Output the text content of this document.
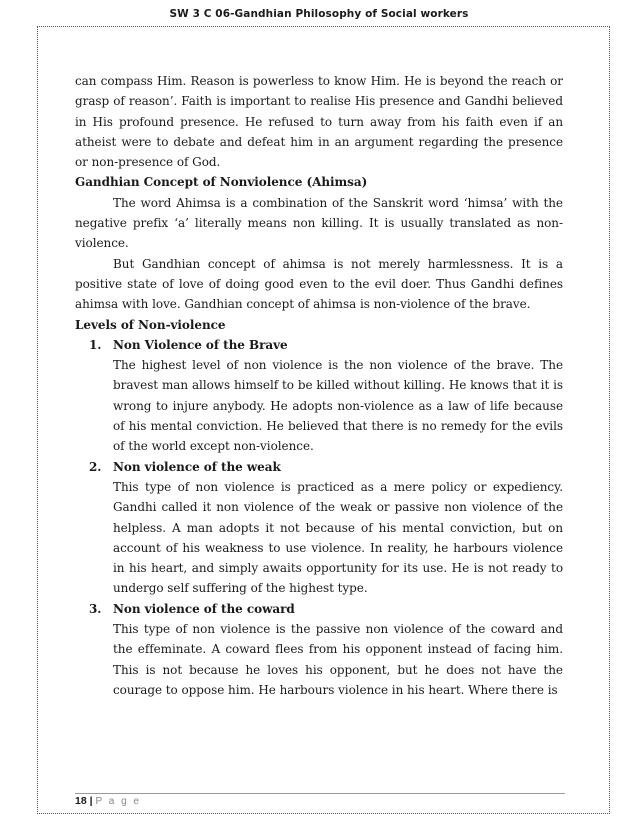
SW 3 C 06-Gandhian Philosophy of Social workers

can compass Him. Reason is powerless to know Him. He is beyond the reach or grasp of reason’. Faith is important to realise His presence and Gandhi believed in His profound presence. He refused to turn away from his faith even if an atheist were to debate and defeat him in an argument regarding the presence or non-presence of God.

Gandhian Concept of Nonviolence (Ahimsa)

The word Ahimsa is a combination of the Sanskrit word ‘himsa’ with the negative prefix ‘a’ literally means non killing. It is usually translated as non-violence.

But Gandhian concept of ahimsa is not merely harmlessness. It is a positive state of love of doing good even to the evil doer. Thus Gandhi defines ahimsa with love. Gandhian concept of ahimsa is non-violence of the brave.

Levels of Non-violence
1. Non Violence of the Brave

The highest level of non violence is the non violence of the brave. The bravest man allows himself to be killed without killing. He knows that it is wrong to injure anybody. He adopts non-violence as a law of life because of his mental conviction. He believed that there is no remedy for the evils of the world except non-violence.

2. Non violence of the weak

This type of non violence is practiced as a mere policy or expediency. Gandhi called it non violence of the weak or passive non violence of the helpless. A man adopts it not because of his mental conviction, but on account of his weakness to use violence. In reality, he harbours violence in his heart, and simply awaits opportunity for its use. He is not ready to undergo self suffering of the highest type.

3. Non violence of the coward

This type of non violence is the passive non violence of the coward and the effeminate. A coward flees from his opponent instead of facing him. This is not because he loves his opponent, but he does not have the courage to oppose him. He harbours violence in his heart. Where there is

18 | P a g e
